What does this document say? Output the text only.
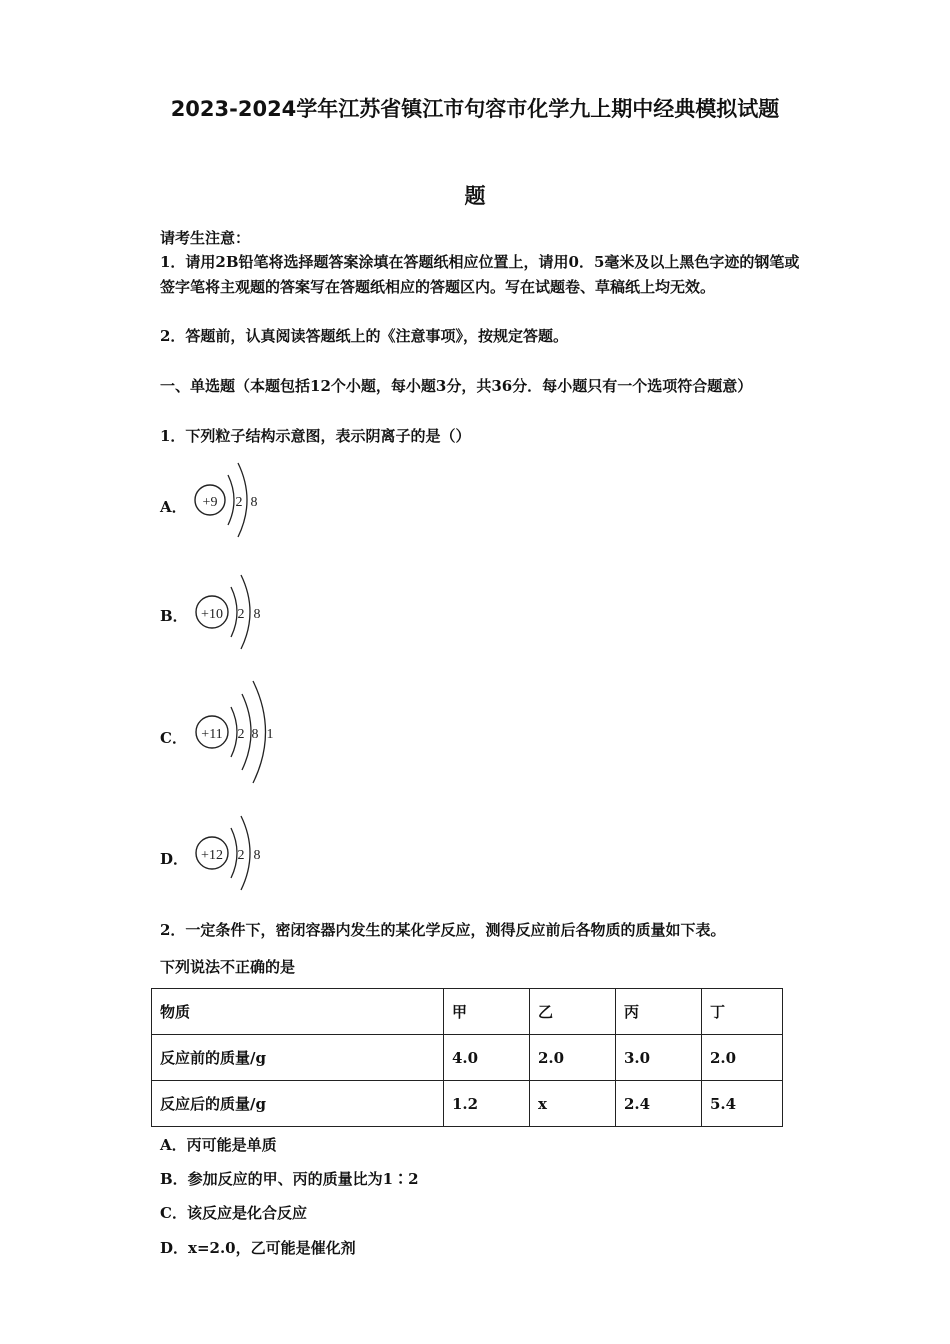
2023-2024学年江苏省镇江市句容市化学九上期中经典模拟试题
题

请考生注意：

1．请用2B铅笔将选择题答案涂填在答题纸相应位置上，请用0．5毫米及以上黑色字迹的钢笔或签字笔将主观题的答案写在答题纸相应的答题区内。写在试题卷、草稿纸上均无效。

2．答题前，认真阅读答题纸上的《注意事项》，按规定答题。

一、单选题（本题包括12个小题，每小题3分，共36分．每小题只有一个选项符合题意）

1．下列粒子结构示意图，表示阴离子的是（）

A． +9 2 8
B． +10 2 8
C． +11 2 8 1
D． +12 2 8

2．一定条件下，密闭容器内发生的某化学反应，测得反应前后各物质的质量如下表。

下列说法不正确的是

物质	甲	乙	丙	丁
反应前的质量/g	4.0	2.0	3.0	2.0
反应后的质量/g	1.2	x	2.4	5.4
A．丙可能是单质
B．参加反应的甲、丙的质量比为1∶2
C．该反应是化合反应
D．x=2.0，乙可能是催化剂
